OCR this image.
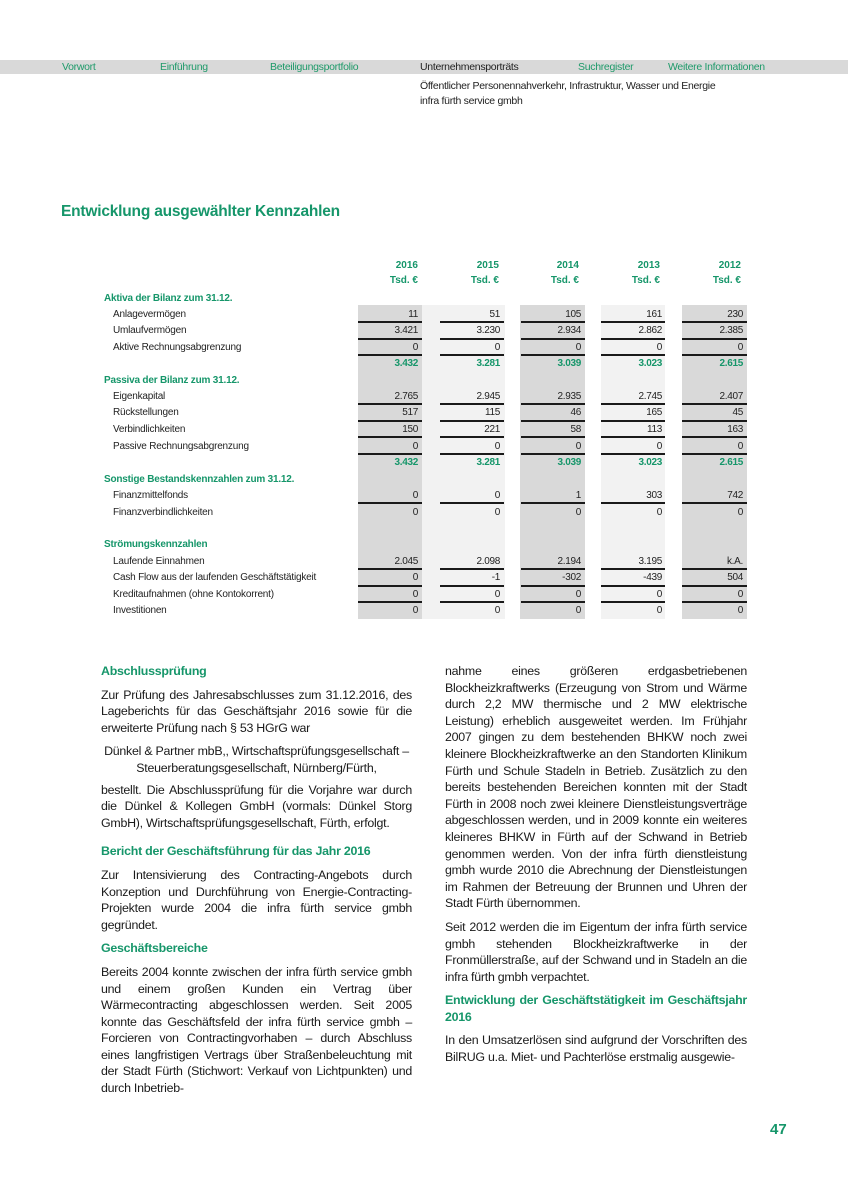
Vorwort	Einführung	Beteiligungsportfolio	Unternehmensporträts	Suchregister	Weitere Informationen
Öffentlicher Personennahverkehr, Infrastruktur, Wasser und Energie
infra fürth service gmbh
Entwicklung ausgewählter Kennzahlen
2016	2015	2014	2013	2012
Tsd. €	Tsd. €	Tsd. €	Tsd. €	Tsd. €
Aktiva der Bilanz zum 31.12.
Anlagevermögen	11	51	105	161	230
Umlaufvermögen	3.421	3.230	2.934	2.862	2.385
Aktive Rechnungsabgrenzung	0	0	0	0	0
3.432	3.281	3.039	3.023	2.615
Passiva der Bilanz zum 31.12.
Eigenkapital	2.765	2.945	2.935	2.745	2.407
Rückstellungen	517	115	46	165	45
Verbindlichkeiten	150	221	58	113	163
Passive Rechnungsabgrenzung	0	0	0	0	0
3.432	3.281	3.039	3.023	2.615
Sonstige Bestandskennzahlen zum 31.12.
Finanzmittelfonds	0	0	1	303	742
Finanzverbindlichkeiten	0	0	0	0	0
Strömungskennzahlen
Laufende Einnahmen	2.045	2.098	2.194	3.195	k.A.
Cash Flow aus der laufenden Geschäftstätigkeit	0	-1	-302	-439	504
Kreditaufnahmen (ohne Kontokorrent)	0	0	0	0	0
Investitionen	0	0	0	0	0
Abschlussprüfung

Zur Prüfung des Jahresabschlusses zum 31.12.2016, des Lageberichts für das Geschäftsjahr 2016 sowie für die erweiterte Prüfung nach § 53 HGrG war

Dünkel & Partner mbB,, Wirtschaftsprüfungsgesellschaft – Steuerberatungsgesellschaft, Nürnberg/Fürth,

bestellt. Die Abschlussprüfung für die Vorjahre war durch die Dünkel & Kollegen GmbH (vormals: Dünkel Storg GmbH), Wirtschaftsprüfungsgesellschaft, Fürth, erfolgt.

Bericht der Geschäftsführung für das Jahr 2016

Zur Intensivierung des Contracting-Angebots durch Konzeption und Durchführung von Energie-Contracting-Projekten wurde 2004 die infra fürth service gmbh gegründet.

Geschäftsbereiche

Bereits 2004 konnte zwischen der infra fürth service gmbh und einem großen Kunden ein Vertrag über Wärmecontracting abgeschlossen werden. Seit 2005 konnte das Geschäftsfeld der infra fürth service gmbh – Forcieren von Contractingvorhaben – durch Abschluss eines langfristigen Vertrags über Straßenbeleuchtung mit der Stadt Fürth (Stichwort: Verkauf von Lichtpunkten) und durch Inbetrieb-

nahme eines größeren erdgasbetriebenen Blockheizkraftwerks (Erzeugung von Strom und Wärme durch 2,2 MW thermische und 2 MW elektrische Leistung) erheblich ausgeweitet werden. Im Frühjahr 2007 gingen zu dem bestehenden BHKW noch zwei kleinere Blockheizkraftwerke an den Standorten Klinikum Fürth und Schule Stadeln in Betrieb. Zusätzlich zu den bereits bestehenden Bereichen konnten mit der Stadt Fürth in 2008 noch zwei kleinere Dienstleistungsverträge abgeschlossen werden, und in 2009 konnte ein weiteres kleineres BHKW in Fürth auf der Schwand in Betrieb genommen werden. Von der infra fürth dienstleistung gmbh wurde 2010 die Abrechnung der Dienstleistungen im Rahmen der Betreuung der Brunnen und Uhren der Stadt Fürth übernommen.

Seit 2012 werden die im Eigentum der infra fürth service gmbh stehenden Blockheizkraftwerke in der Fronmüllerstraße, auf der Schwand und in Stadeln an die infra fürth gmbh verpachtet.

Entwicklung der Geschäftstätigkeit im Geschäftsjahr 2016

In den Umsatzerlösen sind aufgrund der Vorschriften des BilRUG u.a. Miet- und Pachterlöse erstmalig ausgewie-

47
